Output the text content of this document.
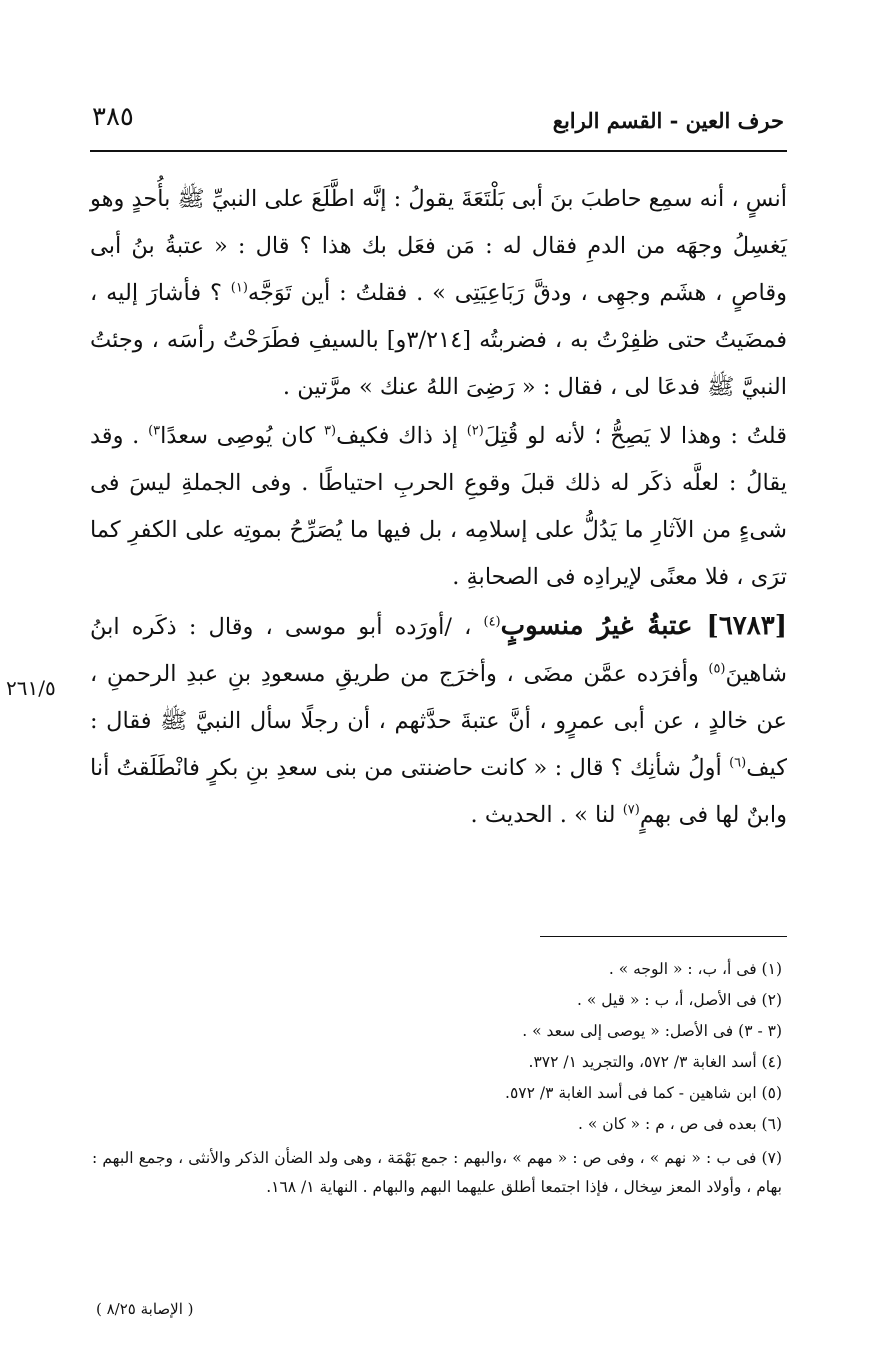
حرف العين - القسم الرابع
٣٨٥

أنسٍ ، أنه سمِع حاطبَ بنَ أبى بَلْتَعَةَ يقولُ : إنَّه اطَّلَعَ على النبيِّ ﷺ بأُحدٍ وهو يَغسِلُ وجهَه من الدمِ فقال له : مَن فعَل بك هذا ؟ قال : « عتبةُ بنُ أبى وقاصٍ ، هشَم وجهِى ، ودقَّ رَبَاعِيَتِى » . فقلتُ : أين تَوَجَّه$^{(١)}$ ؟ فأشارَ إليه ، فمضَيتُ حتى ظفِرْتُ به ، فضربتُه [٣/٢١٤و] بالسيفِ فطَرَحْتُ رأسَه ، وجئتُ النبيَّ ﷺ فدعَا لى ، فقال : « رَضِىَ اللهُ عنك » مرَّتين .

قلتُ : وهذا لا يَصِحُّ ؛ لأنه لو قُتِلَ$^{(٢)}$ إذ ذاك فكيف$^{(٣}$ كان يُوصِى سعدًا$^{٣)}$ . وقد يقالُ : لعلَّه ذكَر له ذلك قبلَ وقوعِ الحربِ احتياطًا . وفى الجملةِ ليسَ فى شىءٍ من الآثارِ ما يَدُلُّ على إسلامِه ، بل فيها ما يُصَرِّحُ بموتِه على الكفرِ كما ترَى ، فلا معنًى لإيرادِه فى الصحابةِ .

[٦٧٨٣] عتبةُ غيرُ منسوبٍ$^{(٤)}$ ، /أورَده أبو موسى ، وقال : ذكَره ابنُ شاهينَ$^{(٥)}$ وأفرَده عمَّن مضَى ، وأخرَج من طريقِ مسعودِ بنِ عبدِ الرحمنِ ، عن خالدٍ ، عن أبى عمرٍو ، أنَّ عتبةَ حدَّثهم ، أن رجلًا سأل النبيَّ ﷺ فقال : كيف$^{(٦)}$ أولُ شأنِك ؟ قال : « كانت حاضنتى من بنى سعدِ بنِ بكرٍ فانْطَلَقتُ أنا وابنٌ لها فى بهمٍ$^{(٧)}$ لنا » . الحديث .

٢٦١/٥

(١) فى أ، ب، : « الوجه » .

(٢) فى الأصل، أ، ب : « قيل » .

(٣ - ٣) فى الأصل: « يوصى إلى سعد » .

(٤) أسد الغابة ٣/ ٥٧٢، والتجريد ١/ ٣٧٢.

(٥) ابن شاهين - كما فى أسد الغابة ٣/ ٥٧٢.

(٦) بعده فى ص ، م : « كان » .

(٧) فى ب : « نهم » ، وفى ص : « مهم » ،والبهم : جمع بَهْمَة ، وهى ولد الضأن الذكر والأنثى ، وجمع البهم : بهام ، وأولاد المعز سِخال ، فإذا اجتمعا أطلق عليهما البهم والبهام . النهاية ١/ ١٦٨.

( الإصابة ٨/٢٥ )
